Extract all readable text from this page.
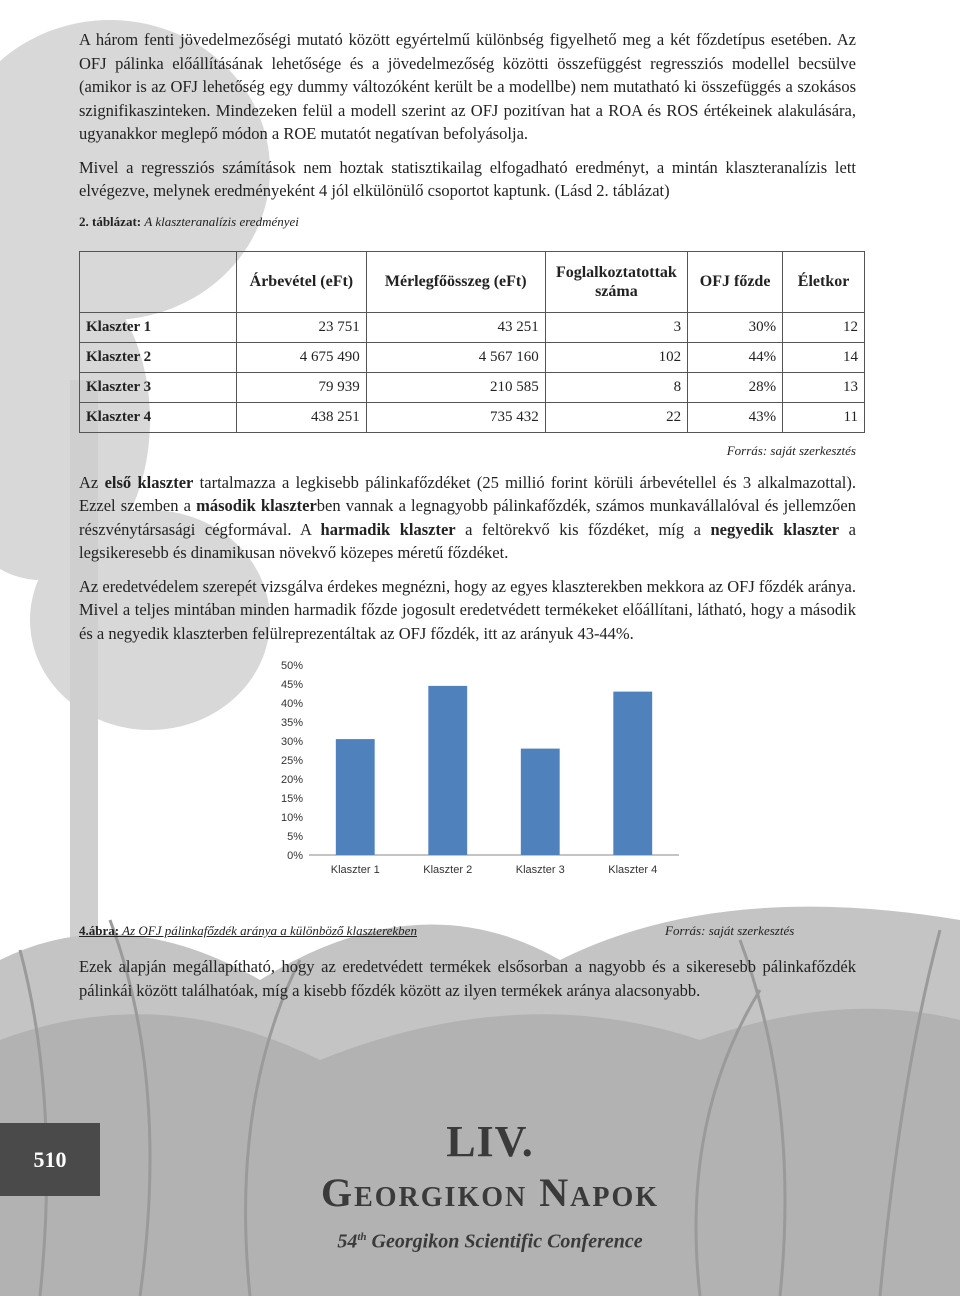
A három fenti jövedelmezőségi mutató között egyértelmű különbség figyelhető meg a két főzdetípus esetében. Az OFJ pálinka előállításának lehetősége és a jövedelmezőség közötti összefüggést regressziós modellel becsülve (amikor is az OFJ lehetőség egy dummy változóként került be a modellbe) nem mutatható ki összefüggés a szokásos szignifikaszinteken. Mindezeken felül a modell szerint az OFJ pozitívan hat a ROA és ROS értékeinek alakulására, ugyanakkor meglepő módon a ROE mutatót negatívan befolyásolja.

Mivel a regressziós számítások nem hoztak statisztikailag elfogadható eredményt, a mintán klaszteranalízis lett elvégezve, melynek eredményeként 4 jól elkülönülő csoportot kaptunk. (Lásd 2. táblázat)

2. táblázat: A klaszteranalízis eredményei
	Árbevétel (eFt)	Mérlegfőösszeg (eFt)	Foglalkoztatottak száma	OFJ főzde	Életkor
Klaszter 1	23 751	43 251	3	30%	12
Klaszter 2	4 675 490	4 567 160	102	44%	14
Klaszter 3	79 939	210 585	8	28%	13
Klaszter 4	438 251	735 432	22	43%	11
Forrás: saját szerkesztés

Az első klaszter tartalmazza a legkisebb pálinkafőzdéket (25 millió forint körüli árbevétellel és 3 alkalmazottal). Ezzel szemben a második klaszterben vannak a legnagyobb pálinkafőzdék, számos munkavállalóval és jellemzően részvénytársasági cégformával. A harmadik klaszter a feltörekvő kis főzdéket, míg a negyedik klaszter a legsikeresebb és dinamikusan növekvő közepes méretű főzdéket.

Az eredetvédelem szerepét vizsgálva érdekes megnézni, hogy az egyes klaszterekben mekkora az OFJ főzdék aránya. Mivel a teljes mintában minden harmadik főzde jogosult eredetvédett termékeket előállítani, látható, hogy a második és a negyedik klaszterben felülreprezentáltak az OFJ főzdék, itt az arányuk 43-44%.

0%
5%
10%
15%
20%
25%
30%
35%
40%
45%
50%
Klaszter 1	Klaszter 2	Klaszter 3	Klaszter 4
4.ábra: Az OFJ pálinkafőzdék aránya a különböző klaszterekben	Forrás: saját szerkesztés

Ezek alapján megállapítható, hogy az eredetvédett termékek elsősorban a nagyobb és a sikeresebb pálinkafőzdék pálinkái között találhatóak, míg a kisebb főzdék között az ilyen termékek aránya alacsonyabb.

510	LIV.
Georgikon Napok
54th Georgikon Scientific Conference
